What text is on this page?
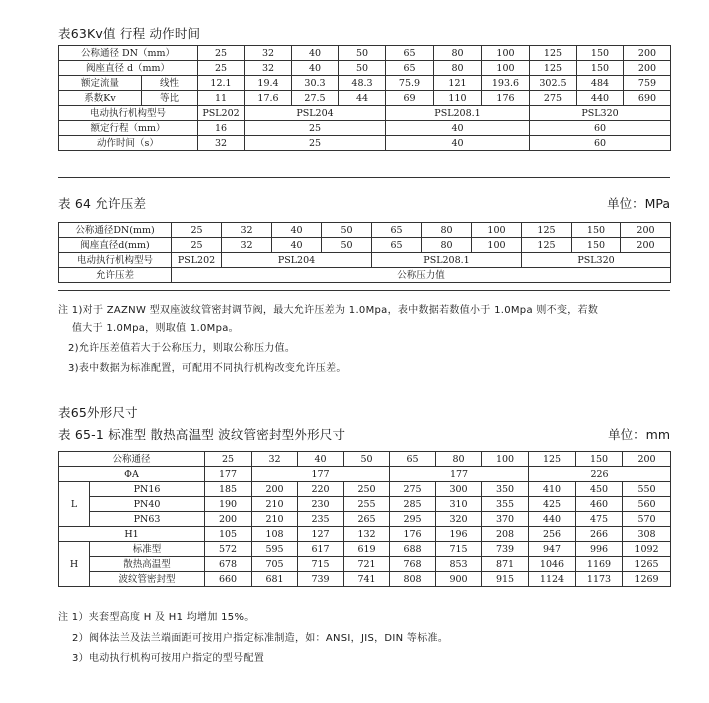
表63Kv值 行程 动作时间
公称通径 DN（mm）		25	32	40	50	65	80	100	125	150	200
阀座直径 d（mm）		25	32	40	50	65	80	100	125	150	200
额定流量	线性	12.1	19.4	30.3	48.3	75.9	121	193.6	302.5	484	759
系数Kv	等比	11	17.6	27.5	44	69	110	176	275	440	690
电动执行机构型号		PSL202	PSL204			PSL208.1			PSL320		
额定行程（mm）		16	25			40			60		
动作时间（s）		32	25			40			60		
表 64 允许压差	单位：MPa
公称通径DN(mm)	25	32	40	50	65	80	100	125	150	200
阀座直径d(mm)	25	32	40	50	65	80	100	125	150	200
电动执行机构型号	PSL202	PSL204			PSL208.1			PSL320		
允许压差	公称压力值									
注 1)对于 ZAZNW 型双座波纹管密封调节阀，最大允许压差为 1.0Mpa，表中数据若数值小于 1.0Mpa 则不变，若数
值大于 1.0Mpa，则取值 1.0Mpa。
2)允许压差值若大于公称压力，则取公称压力值。
3)表中数据为标准配置，可配用不同执行机构改变允许压差。
表65外形尺寸
表 65-1 标准型 散热高温型 波纹管密封型外形尺寸	单位：mm
公称通径		25	32	40	50	65	80	100	125	150	200
ΦA		177	177			177			226		
L	PN16	185	200	220	250	275	300	350	410	450	550
	PN40	190	210	230	255	285	310	355	425	460	560
	PN63	200	210	235	265	295	320	370	440	475	570
H1		105	108	127	132	176	196	208	256	266	308
H	标准型	572	595	617	619	688	715	739	947	996	1092
	散热高温型	678	705	715	721	768	853	871	1046	1169	1265
	波纹管密封型	660	681	739	741	808	900	915	1124	1173	1269
注 1）夹套型高度 H 及 H1 均增加 15%。
2）阀体法兰及法兰端面距可按用户指定标准制造，如：ANSI，JIS，DIN 等标准。
3）电动执行机构可按用户指定的型号配置
